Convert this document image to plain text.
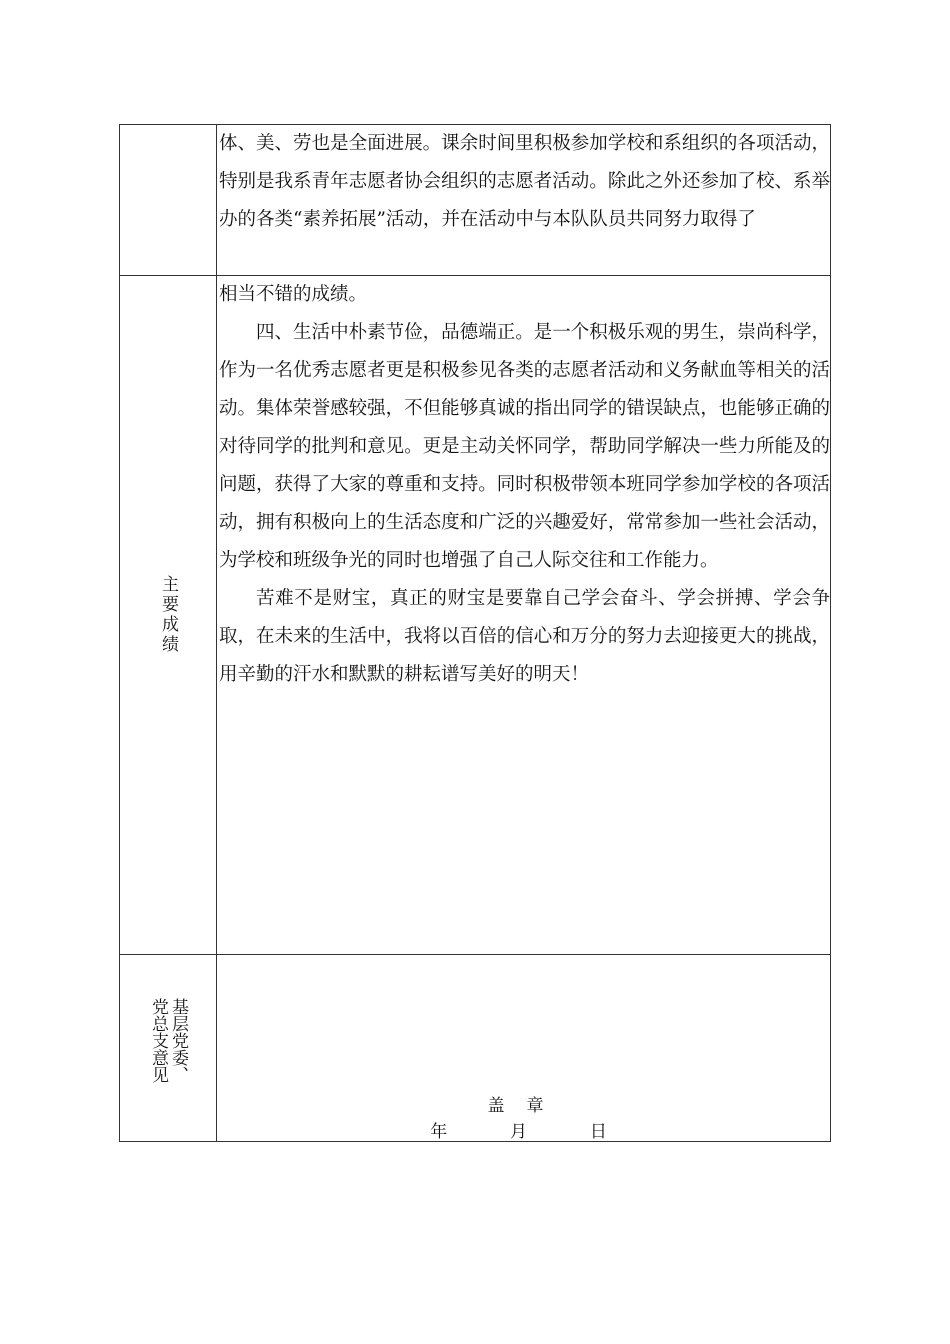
	体、美、劳也是全面进展。课余时间里积极参加学校和系组织的各项活动，特别是我系青年志愿者协会组织的志愿者活动。除此之外还参加了校、系举办的各类“素养拓展”活动，并在活动中与本队队员共同努力取得了

主要成绩	相当不错的成绩。

四、生活中朴素节俭，品德端正。是一个积极乐观的男生，崇尚科学，作为一名优秀志愿者更是积极参见各类的志愿者活动和义务献血等相关的活动。集体荣誉感较强，不但能够真诚的指出同学的错误缺点，也能够正确的对待同学的批判和意见。更是主动关怀同学，帮助同学解决一些力所能及的问题，获得了大家的尊重和支持。同时积极带领本班同学参加学校的各项活动，拥有积极向上的生活态度和广泛的兴趣爱好，常常参加一些社会活动，为学校和班级争光的同时也增强了自己人际交往和工作能力。

苦难不是财宝，真正的财宝是要靠自己学会奋斗、学会拼搏、学会争取，在未来的生活中，我将以百倍的信心和万分的努力去迎接更大的挑战，用辛勤的汗水和默默的耕耘谱写美好的明天！

基层党委、党总支意见	盖章
年 月 日
